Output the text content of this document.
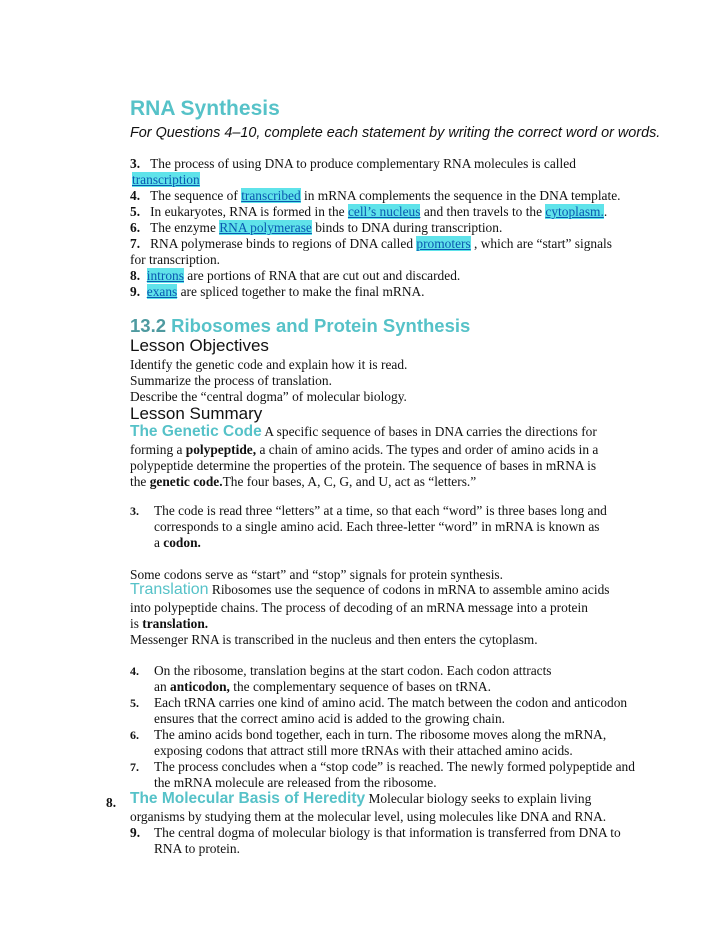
RNA Synthesis
For Questions 4–10, complete each statement by writing the correct word or words.
3. The process of using DNA to produce complementary RNA molecules is called
transcription
4. The sequence of transcribed in mRNA complements the sequence in the DNA template.
5. In eukaryotes, RNA is formed in the cell’s nucleus and then travels to the cytoplasm..
6. The enzyme RNA polymerase binds to DNA during transcription.
7. RNA polymerase binds to regions of DNA called promoters , which are “start” signals
for transcription.
8. introns are portions of RNA that are cut out and discarded.
9. exans are spliced together to make the final mRNA.
13.2 Ribosomes and Protein Synthesis
Lesson Objectives
Identify the genetic code and explain how it is read.
Summarize the process of translation.
Describe the “central dogma” of molecular biology.
Lesson Summary
The Genetic Code A specific sequence of bases in DNA carries the directions for
forming a polypeptide, a chain of amino acids. The types and order of amino acids in a
polypeptide determine the properties of the protein. The sequence of bases in mRNA is
the genetic code.The four bases, A, C, G, and U, act as “letters.”
3. The code is read three “letters” at a time, so that each “word” is three bases long and
corresponds to a single amino acid. Each three-letter “word” in mRNA is known as
a codon.
Some codons serve as “start” and “stop” signals for protein synthesis.
Translation Ribosomes use the sequence of codons in mRNA to assemble amino acids
into polypeptide chains. The process of decoding of an mRNA message into a protein
is translation.
Messenger RNA is transcribed in the nucleus and then enters the cytoplasm.
4. On the ribosome, translation begins at the start codon. Each codon attracts
an anticodon, the complementary sequence of bases on tRNA.
5. Each tRNA carries one kind of amino acid. The match between the codon and anticodon
ensures that the correct amino acid is added to the growing chain.
6. The amino acids bond together, each in turn. The ribosome moves along the mRNA,
exposing codons that attract still more tRNAs with their attached amino acids.
7. The process concludes when a “stop code” is reached. The newly formed polypeptide and
the mRNA molecule are released from the ribosome.
8. The Molecular Basis of Heredity Molecular biology seeks to explain living
organisms by studying them at the molecular level, using molecules like DNA and RNA.
9. The central dogma of molecular biology is that information is transferred from DNA to
RNA to protein.
